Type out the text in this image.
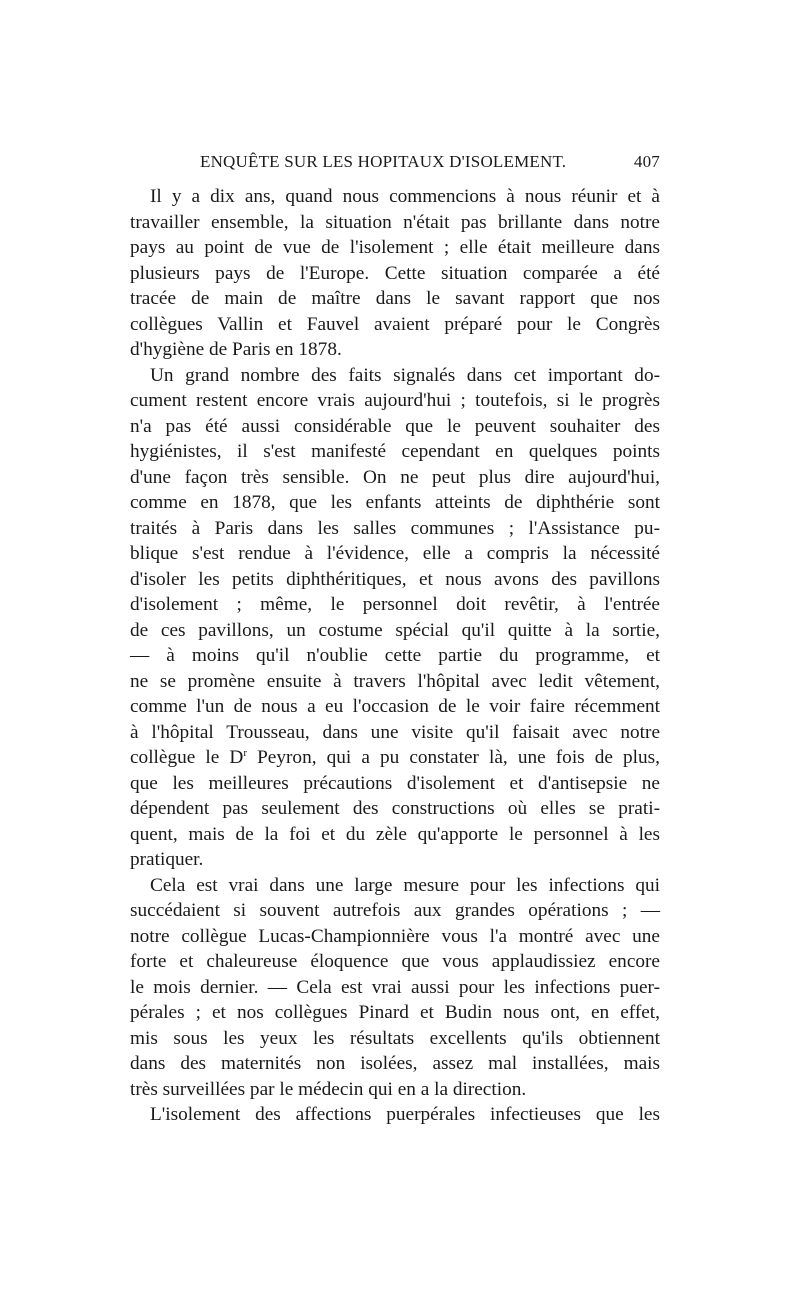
ENQUÊTE SUR LES HOPITAUX D'ISOLEMENT.	407
Il y a dix ans, quand nous commencions à nous réunir et à
travailler ensemble, la situation n'était pas brillante dans notre
pays au point de vue de l'isolement ; elle était meilleure dans
plusieurs pays de l'Europe. Cette situation comparée a été
tracée de main de maître dans le savant rapport que nos
collègues Vallin et Fauvel avaient préparé pour le Congrès
d'hygiène de Paris en 1878.
Un grand nombre des faits signalés dans cet important do-
cument restent encore vrais aujourd'hui ; toutefois, si le progrès
n'a pas été aussi considérable que le peuvent souhaiter des
hygiénistes, il s'est manifesté cependant en quelques points
d'une façon très sensible. On ne peut plus dire aujourd'hui,
comme en 1878, que les enfants atteints de diphthérie sont
traités à Paris dans les salles communes ; l'Assistance pu-
blique s'est rendue à l'évidence, elle a compris la nécessité
d'isoler les petits diphthéritiques, et nous avons des pavillons
d'isolement ; même, le personnel doit revêtir, à l'entrée
de ces pavillons, un costume spécial qu'il quitte à la sortie,
— à moins qu'il n'oublie cette partie du programme, et
ne se promène ensuite à travers l'hôpital avec ledit vêtement,
comme l'un de nous a eu l'occasion de le voir faire récemment
à l'hôpital Trousseau, dans une visite qu'il faisait avec notre
collègue le $D^r$ Peyron, qui a pu constater là, une fois de plus,
que les meilleures précautions d'isolement et d'antisepsie ne
dépendent pas seulement des constructions où elles se prati-
quent, mais de la foi et du zèle qu'apporte le personnel à les
pratiquer.
Cela est vrai dans une large mesure pour les infections qui
succédaient si souvent autrefois aux grandes opérations ; —
notre collègue Lucas-Championnière vous l'a montré avec une
forte et chaleureuse éloquence que vous applaudissiez encore
le mois dernier. — Cela est vrai aussi pour les infections puer-
pérales ; et nos collègues Pinard et Budin nous ont, en effet,
mis sous les yeux les résultats excellents qu'ils obtiennent
dans des maternités non isolées, assez mal installées, mais
très surveillées par le médecin qui en a la direction.
L'isolement des affections puerpérales infectieuses que les
